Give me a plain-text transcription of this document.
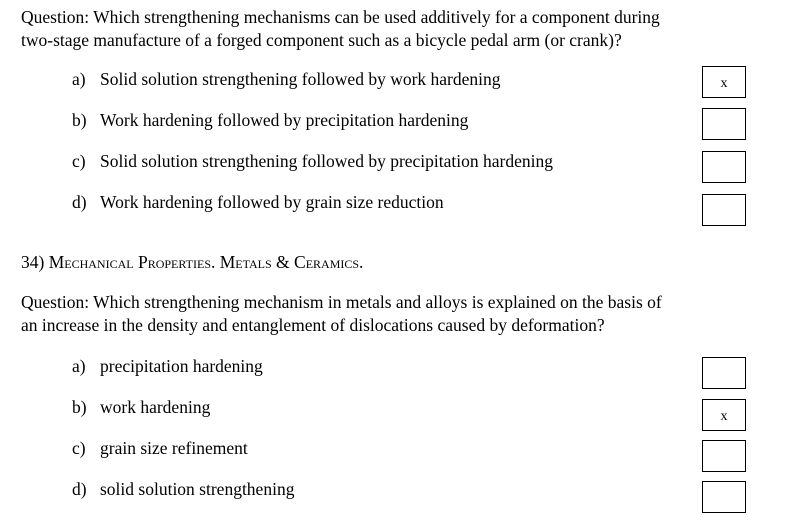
Question: Which strengthening mechanisms can be used additively for a component during
two-stage manufacture of a forged component such as a bicycle pedal arm (or crank)?
a) Solid solution strengthening followed by work hardening	x
b) Work hardening followed by precipitation hardening
c) Solid solution strengthening followed by precipitation hardening
d) Work hardening followed by grain size reduction
34) Mechanical Properties. Metals & Ceramics.
Question: Which strengthening mechanism in metals and alloys is explained on the basis of
an increase in the density and entanglement of dislocations caused by deformation?
a) precipitation hardening
b) work hardening	x
c) grain size refinement
d) solid solution strengthening
